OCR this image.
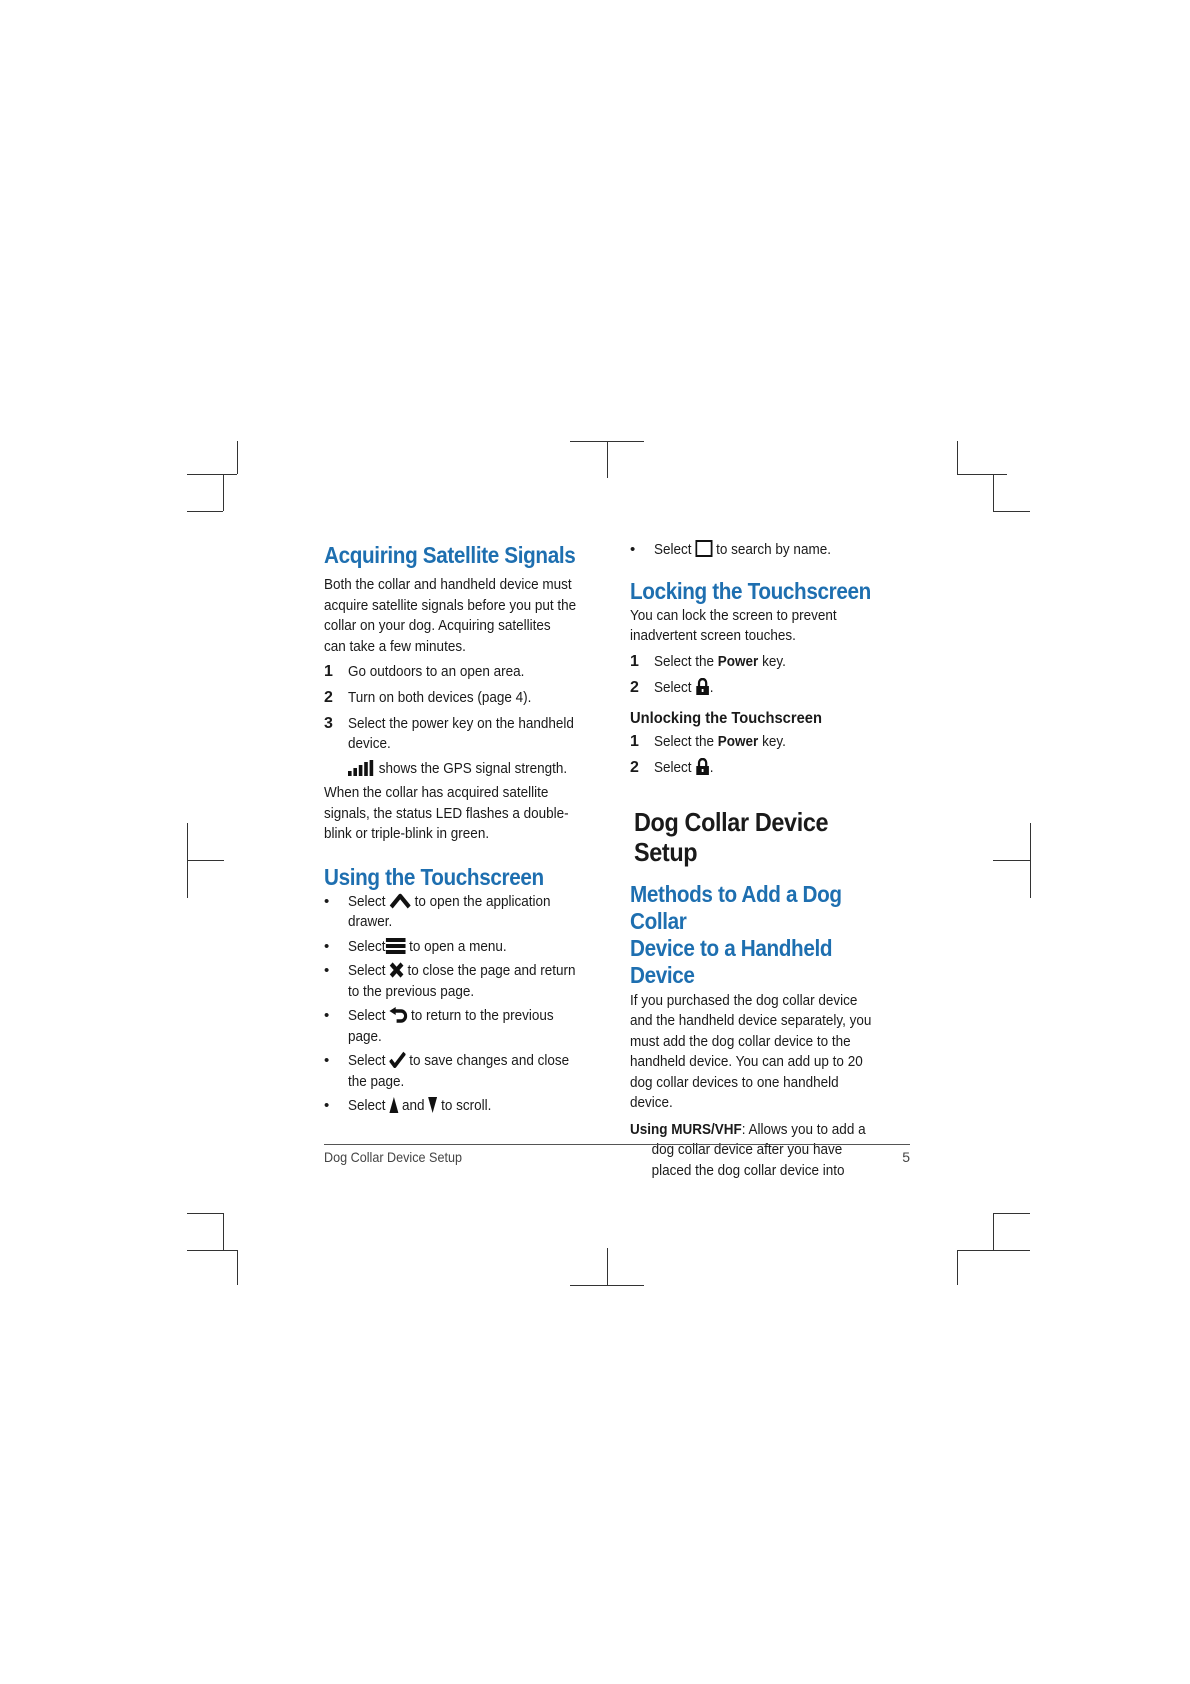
Acquiring Satellite Signals

Both the collar and handheld device must

acquire satellite signals before you put the

collar on your dog. Acquiring satellites

can take a few minutes.

1 Go outdoors to an open area.
2 Turn on both devices (page 4).
3 Select the power key on the handheld
device.
shows the GPS signal strength.

When the collar has acquired satellite

signals, the status LED flashes a double-

blink or triple-blink in green.

Using the Touchscreen
• Select to open the application
drawer.
• Select to open a menu.
• Select to close the page and return
to the previous page.
• Select to return to the previous
page.
• Select to save changes and close
the page.
• Select and to scroll.
• Select to search by name.
Locking the Touchscreen

You can lock the screen to prevent

inadvertent screen touches.

1 Select the Power key.
2 Select .
Unlocking the Touchscreen
1 Select the Power key.
2 Select .
Dog Collar Device Setup
Methods to Add a Dog Collar
Device to a Handheld Device

If you purchased the dog collar device

and the handheld device separately, you

must add the dog collar device to the

handheld device. You can add up to 20

dog collar devices to one handheld

device.

Using MURS/VHF: Allows you to add a

dog collar device after you have

placed the dog collar device into

Dog Collar Device Setup	5
